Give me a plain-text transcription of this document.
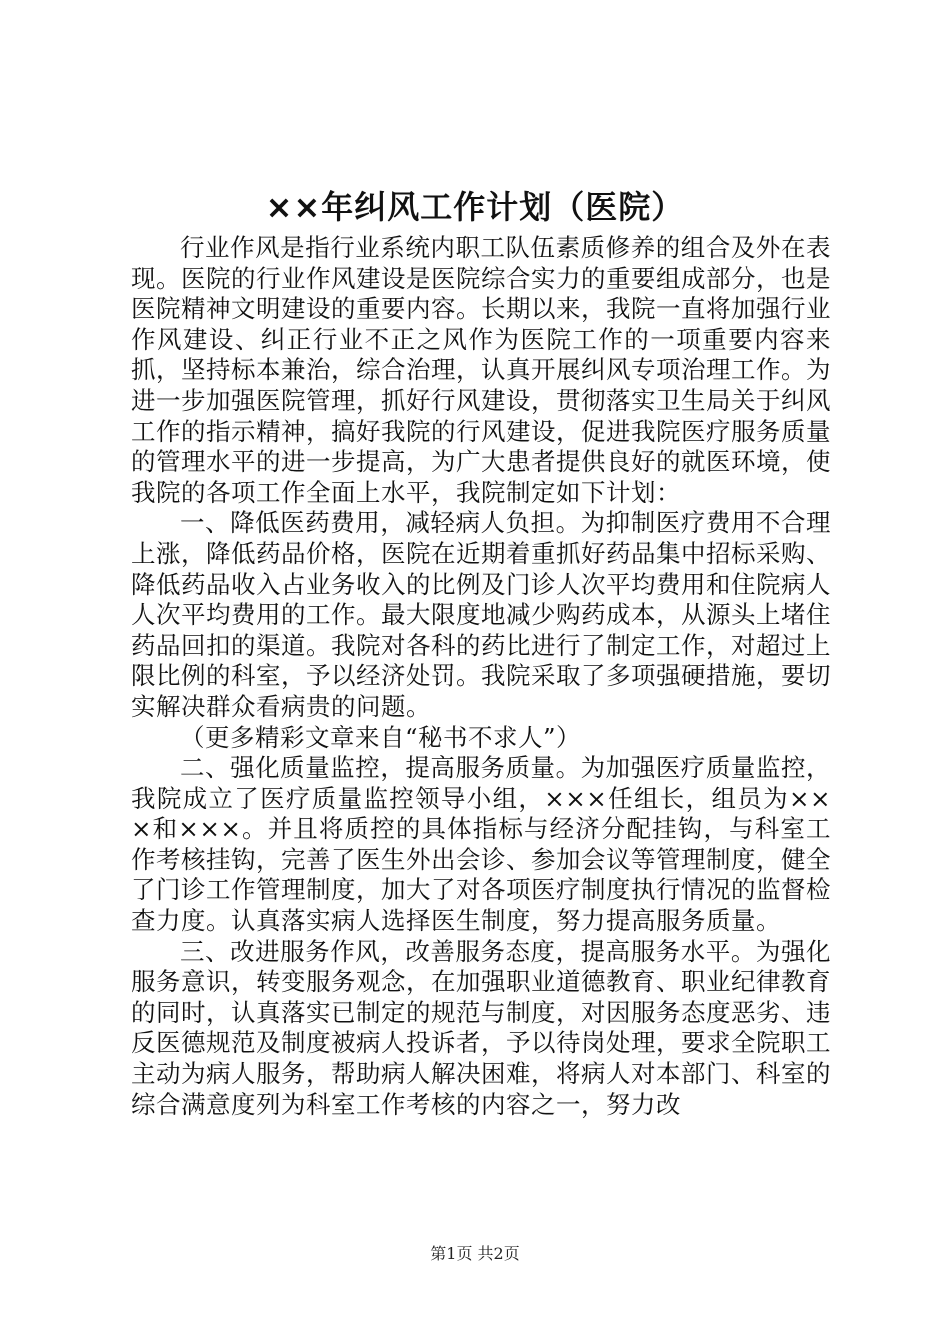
××年纠风工作计划（医院）

行业作风是指行业系统内职工队伍素质修养的组合及外在表现。医院的行业作风建设是医院综合实力的重要组成部分，也是医院精神文明建设的重要内容。长期以来，我院一直将加强行业作风建设、纠正行业不正之风作为医院工作的一项重要内容来抓，坚持标本兼治，综合治理，认真开展纠风专项治理工作。为进一步加强医院管理，抓好行风建设，贯彻落实卫生局关于纠风工作的指示精神，搞好我院的行风建设，促进我院医疗服务质量的管理水平的进一步提高，为广大患者提供良好的就医环境，使我院的各项工作全面上水平，我院制定如下计划：

一、降低医药费用，减轻病人负担。为抑制医疗费用不合理上涨，降低药品价格，医院在近期着重抓好药品集中招标采购、降低药品收入占业务收入的比例及门诊人次平均费用和住院病人人次平均费用的工作。最大限度地减少购药成本，从源头上堵住药品回扣的渠道。我院对各科的药比进行了制定工作，对超过上限比例的科室，予以经济处罚。我院采取了多项强硬措施，要切实解决群众看病贵的问题。

（更多精彩文章来自“秘书不求人”）

二、强化质量监控，提高服务质量。为加强医疗质量监控，我院成立了医疗质量监控领导小组，×××任组长，组员为×××和×××。并且将质控的具体指标与经济分配挂钩，与科室工作考核挂钩，完善了医生外出会诊、参加会议等管理制度，健全了门诊工作管理制度，加大了对各项医疗制度执行情况的监督检查力度。认真落实病人选择医生制度，努力提高服务质量。

三、改进服务作风，改善服务态度，提高服务水平。为强化服务意识，转变服务观念，在加强职业道德教育、职业纪律教育的同时，认真落实已制定的规范与制度，对因服务态度恶劣、违反医德规范及制度被病人投诉者，予以待岗处理，要求全院职工主动为病人服务，帮助病人解决困难，将病人对本部门、科室的综合满意度列为科室工作考核的内容之一，努力改

第1页 共2页
